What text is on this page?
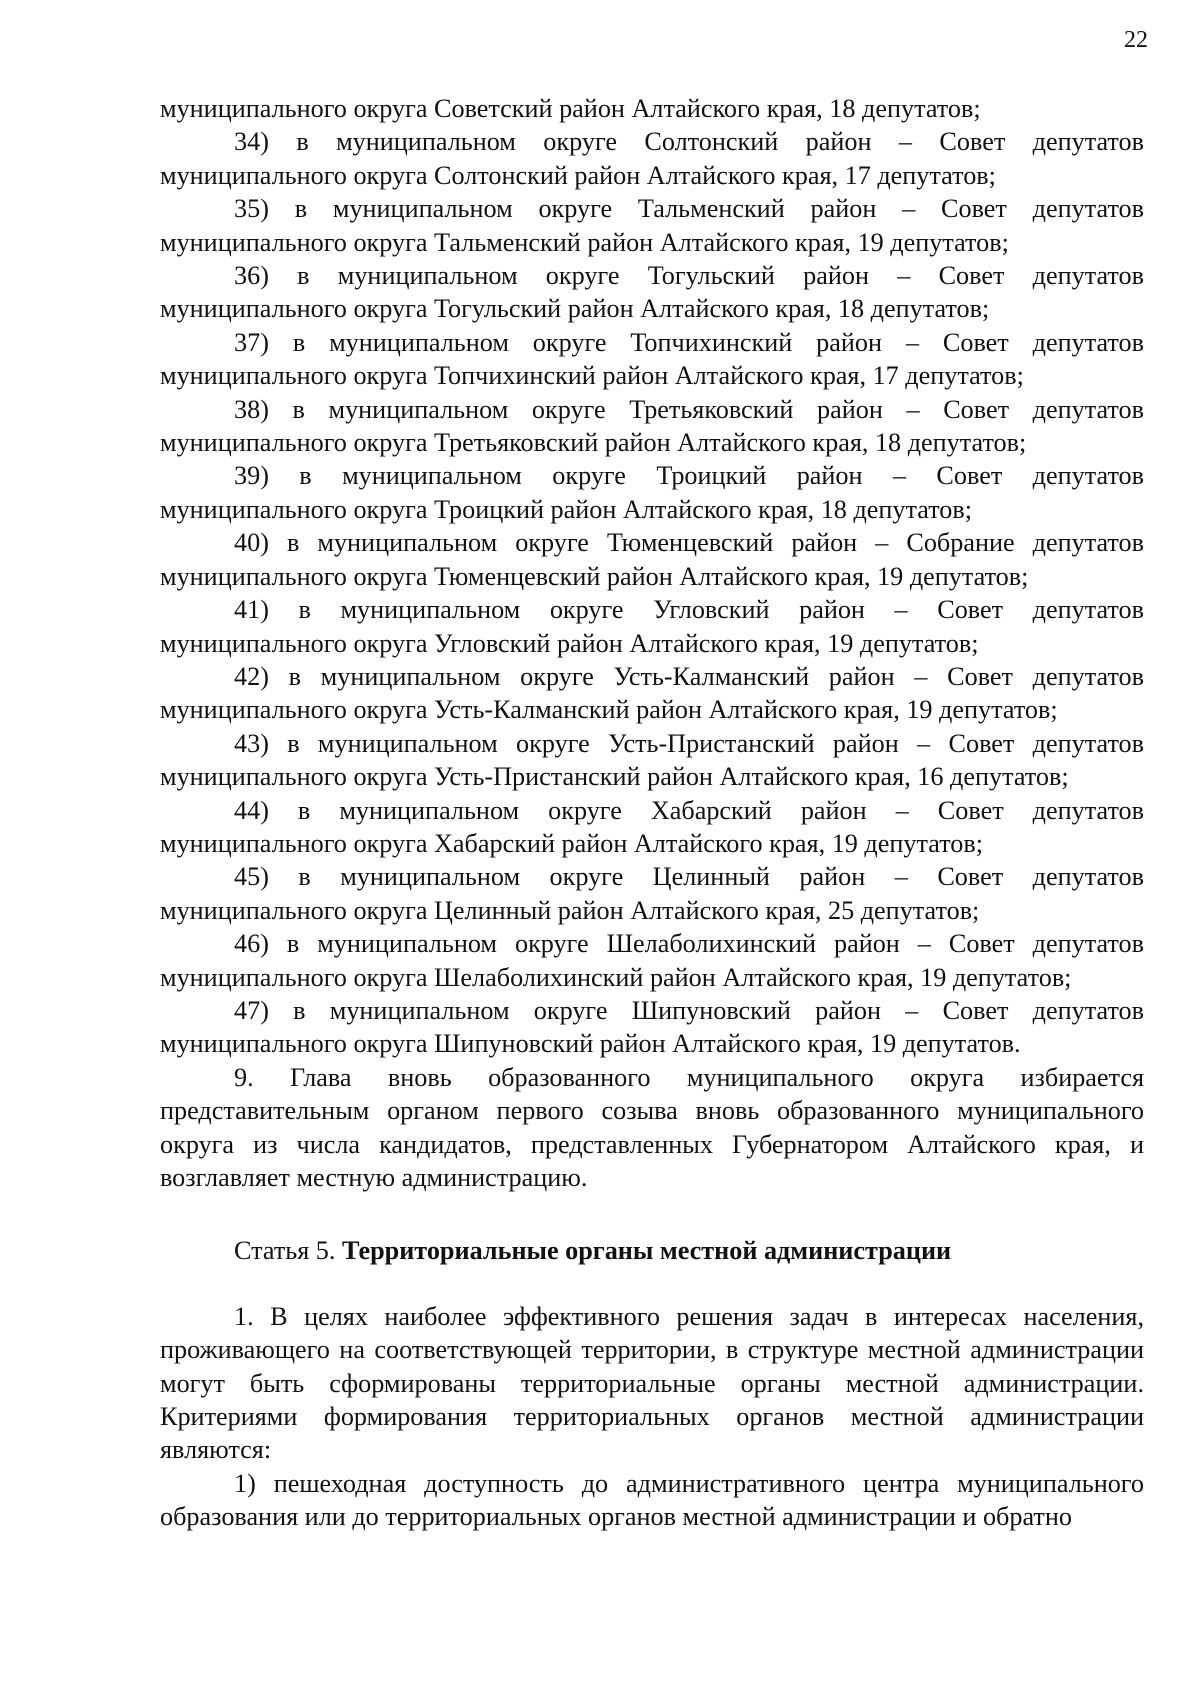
22

муниципального округа Советский район Алтайского края, 18 депутатов;

34) в муниципальном округе Солтонский район – Совет депутатов муниципального округа Солтонский район Алтайского края, 17 депутатов;

35) в муниципальном округе Тальменский район – Совет депутатов муниципального округа Тальменский район Алтайского края, 19 депутатов;

36) в муниципальном округе Тогульский район – Совет депутатов муниципального округа Тогульский район Алтайского края, 18 депутатов;

37) в муниципальном округе Топчихинский район – Совет депутатов муниципального округа Топчихинский район Алтайского края, 17 депутатов;

38) в муниципальном округе Третьяковский район – Совет депутатов муниципального округа Третьяковский район Алтайского края, 18 депутатов;

39) в муниципальном округе Троицкий район – Совет депутатов муниципального округа Троицкий район Алтайского края, 18 депутатов;

40) в муниципальном округе Тюменцевский район – Собрание депутатов муниципального округа Тюменцевский район Алтайского края, 19 депутатов;

41) в муниципальном округе Угловский район – Совет депутатов муниципального округа Угловский район Алтайского края, 19 депутатов;

42) в муниципальном округе Усть-Калманский район – Совет депутатов муниципального округа Усть-Калманский район Алтайского края, 19 депутатов;

43) в муниципальном округе Усть-Пристанский район – Совет депутатов муниципального округа Усть-Пристанский район Алтайского края, 16 депутатов;

44) в муниципальном округе Хабарский район – Совет депутатов муниципального округа Хабарский район Алтайского края, 19 депутатов;

45) в муниципальном округе Целинный район – Совет депутатов муниципального округа Целинный район Алтайского края, 25 депутатов;

46) в муниципальном округе Шелаболихинский район – Совет депутатов муниципального округа Шелаболихинский район Алтайского края, 19 депутатов;

47) в муниципальном округе Шипуновский район – Совет депутатов муниципального округа Шипуновский район Алтайского края, 19 депутатов.

9. Глава вновь образованного муниципального округа избирается представительным органом первого созыва вновь образованного муниципального округа из числа кандидатов, представленных Губернатором Алтайского края, и возглавляет местную администрацию.

Статья 5. Территориальные органы местной администрации

1. В целях наиболее эффективного решения задач в интересах населения, проживающего на соответствующей территории, в структуре местной администрации могут быть сформированы территориальные органы местной администрации. Критериями формирования территориальных органов местной администрации являются:

1) пешеходная доступность до административного центра муниципального образования или до территориальных органов местной администрации и обратно
